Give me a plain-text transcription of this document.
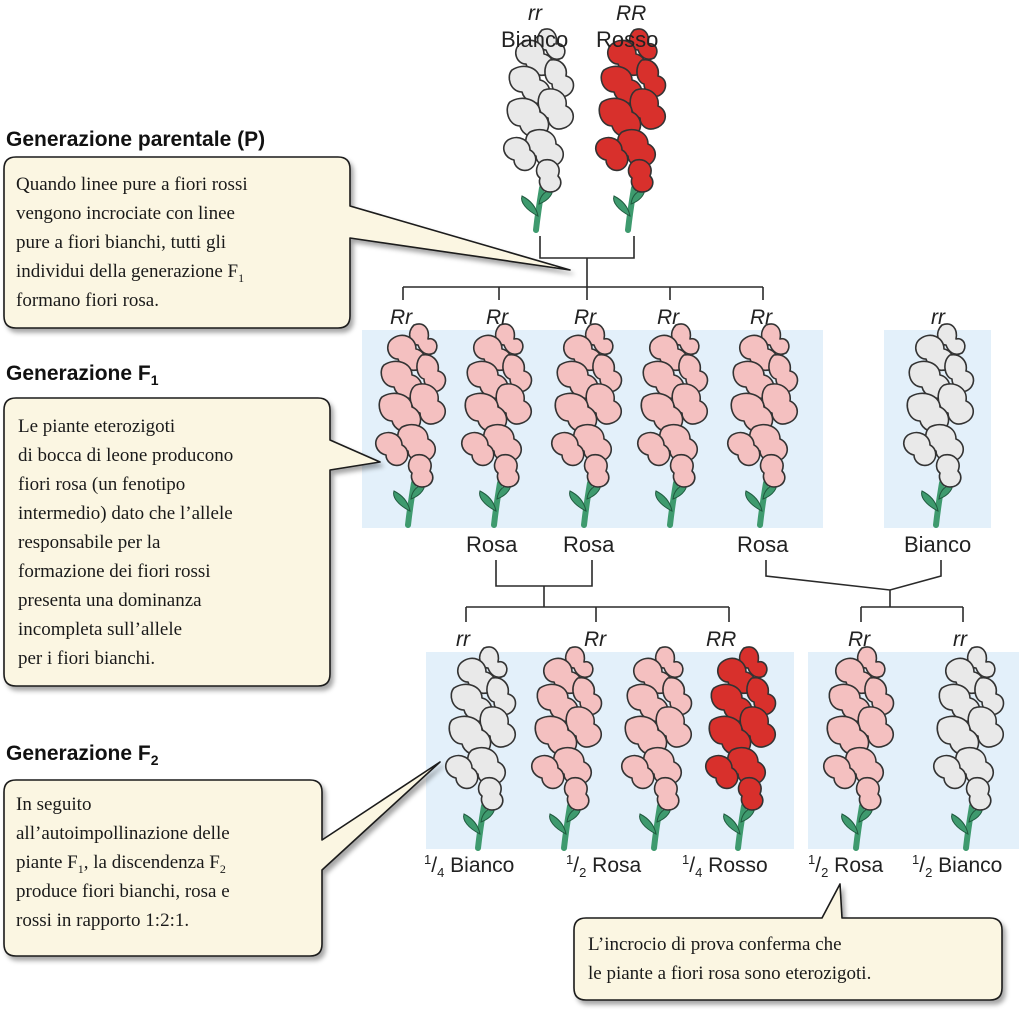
rr
Bianco
RR
Rosso
Generazione parentale (P)
Quando linee pure a fiori rossi
vengono incrociate con linee
pure a fiori bianchi, tutti gli
individui della generazione $F_1$
formano fiori rosa.
Rr	Rr	Rr	Rr	Rr	rr
Generazione $F_1$
Le piante eterozigoti
di bocca di leone producono
fiori rosa (un fenotipo
intermedio) dato che l’allele
responsabile per la
formazione dei fiori rossi
presenta una dominanza
incompleta sull’allele
per i fiori bianchi.
Rosa Rosa	Rosa	Bianco
rr	Rr	RR	Rr	rr
Generazione $F_2$
In seguito
all’autoimpollinazione delle
piante $F_1$, la discendenza $F_2$
produce fiori bianchi, rosa e
rossi in rapporto 1:2:1.
$^1/_4$ Bianco	$^1/_2$ Rosa	$^1/_4$ Rosso	$^1/_2$ Rosa $^1/_2$ Bianco
L’incrocio di prova conferma che
le piante a fiori rosa sono eterozigoti.
